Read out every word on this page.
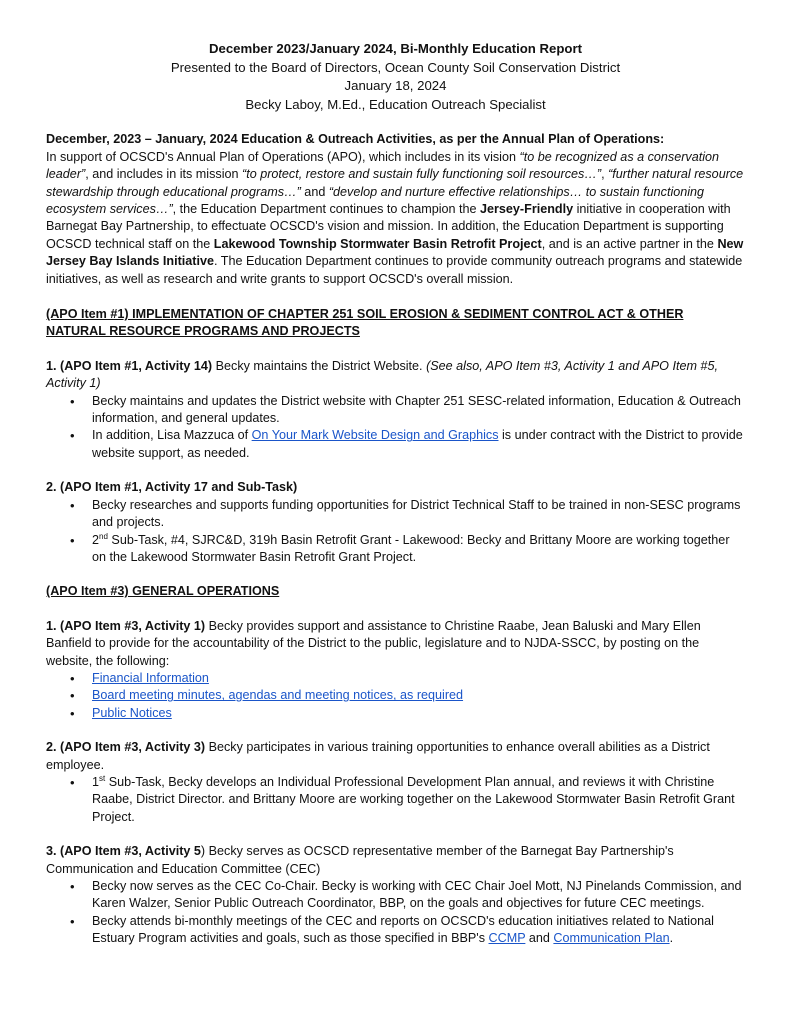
December 2023/January 2024, Bi-Monthly Education Report
Presented to the Board of Directors, Ocean County Soil Conservation District
January 18, 2024
Becky Laboy, M.Ed., Education Outreach Specialist
December, 2023 – January, 2024 Education & Outreach Activities, as per the Annual Plan of Operations:

In support of OCSCD's Annual Plan of Operations (APO), which includes in its vision “to be recognized as a conservation leader”, and includes in its mission “to protect, restore and sustain fully functioning soil resources…”, “further natural resource stewardship through educational programs…” and “develop and nurture effective relationships… to sustain functioning ecosystem services…”, the Education Department continues to champion the Jersey-Friendly initiative in cooperation with Barnegat Bay Partnership, to effectuate OCSCD's vision and mission. In addition, the Education Department is supporting OCSCD technical staff on the Lakewood Township Stormwater Basin Retrofit Project, and is an active partner in the New Jersey Bay Islands Initiative. The Education Department continues to provide community outreach programs and statewide initiatives, as well as research and write grants to support OCSCD's overall mission.

(APO Item #1) IMPLEMENTATION OF CHAPTER 251 SOIL EROSION & SEDIMENT CONTROL ACT & OTHER NATURAL RESOURCE PROGRAMS AND PROJECTS

1. (APO Item #1, Activity 14) Becky maintains the District Website. (See also, APO Item #3, Activity 1 and APO Item #5, Activity 1)

• Becky maintains and updates the District website with Chapter 251 SESC-related information, Education & Outreach information, and general updates.
• In addition, Lisa Mazzuca of On Your Mark Website Design and Graphics is under contract with the District to provide website support, as needed.

2. (APO Item #1, Activity 17 and Sub-Task)

• Becky researches and supports funding opportunities for District Technical Staff to be trained in non-SESC programs and projects.
• 2nd Sub-Task, #4, SJRC&D, 319h Basin Retrofit Grant - Lakewood: Becky and Brittany Moore are working together on the Lakewood Stormwater Basin Retrofit Grant Project.
(APO Item #3) GENERAL OPERATIONS

1. (APO Item #3, Activity 1) Becky provides support and assistance to Christine Raabe, Jean Baluski and Mary Ellen Banfield to provide for the accountability of the District to the public, legislature and to NJDA-SSCC, by posting on the website, the following:

• Financial Information
• Board meeting minutes, agendas and meeting notices, as required
• Public Notices

2. (APO Item #3, Activity 3) Becky participates in various training opportunities to enhance overall abilities as a District employee.

• 1st Sub-Task, Becky develops an Individual Professional Development Plan annual, and reviews it with Christine Raabe, District Director. and Brittany Moore are working together on the Lakewood Stormwater Basin Retrofit Grant Project.

3. (APO Item #3, Activity 5) Becky serves as OCSCD representative member of the Barnegat Bay Partnership's Communication and Education Committee (CEC)

• Becky now serves as the CEC Co-Chair. Becky is working with CEC Chair Joel Mott, NJ Pinelands Commission, and Karen Walzer, Senior Public Outreach Coordinator, BBP, on the goals and objectives for future CEC meetings.
• Becky attends bi-monthly meetings of the CEC and reports on OCSCD's education initiatives related to National Estuary Program activities and goals, such as those specified in BBP's CCMP and Communication Plan.
